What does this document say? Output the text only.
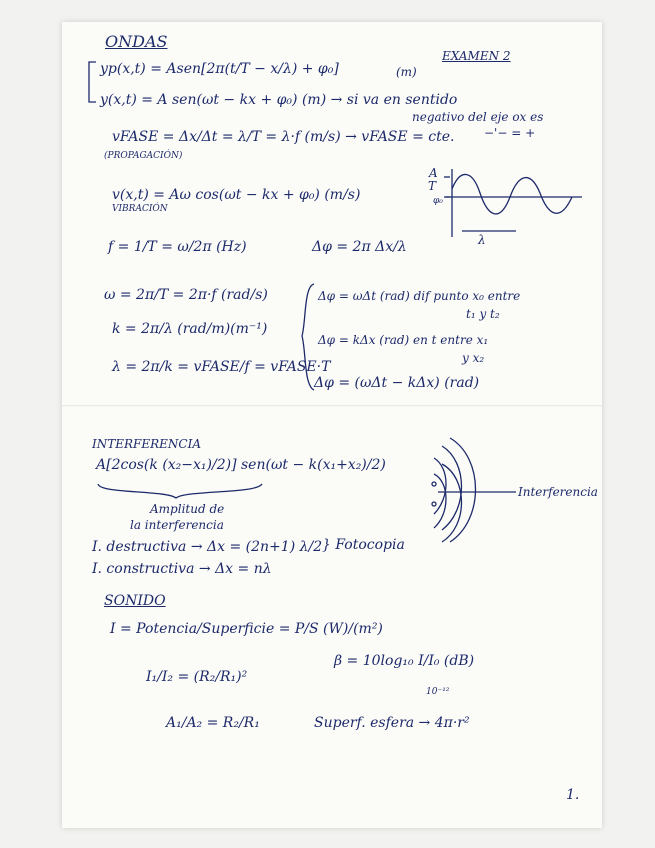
ONDAS
EXAMEN 2
yp(x,t) = Asen[2π(t/T − x/λ) + φ₀]	(m)
y(x,t) = A sen(ωt − kx + φ₀) (m) → si va en sentido
negativo del eje ox es
−'− = +
vFASE = Δx/Δt = λ/T = λ·f (m/s) → vFASE = cte.
(PROPAGACIÓN)
v(x,t) = Aω cos(ωt − kx + φ₀) (m/s)
VIBRACIÓN
A
T
φ₀
λ
f = 1/T = ω/2π (Hz)	Δφ = 2π Δx/λ
ω = 2π/T = 2π·f (rad/s)
k = 2π/λ (rad/m)(m⁻¹)
λ = 2π/k = vFASE/f = vFASE·T
Δφ = ωΔt (rad) dif punto x₀ entre
t₁ y t₂
Δφ = kΔx (rad) en t entre x₁
y x₂
Δφ = (ωΔt − kΔx) (rad)
INTERFERENCIA
A[2cos(k (x₂−x₁)/2)] sen(ωt − k(x₁+x₂)/2)
Amplitud de
la interferencia
I. destructiva → Δx = (2n+1) λ/2
I. constructiva → Δx = nλ
} Fotocopia
Interferencia
SONIDO
I = Potencia/Superficie = P/S (W)/(m²)
I₁/I₂ = (R₂/R₁)²
β = 10log₁₀ I/I₀ (dB)
10⁻¹²
A₁/A₂ = R₂/R₁	Superf. esfera → 4π·r²
1.
